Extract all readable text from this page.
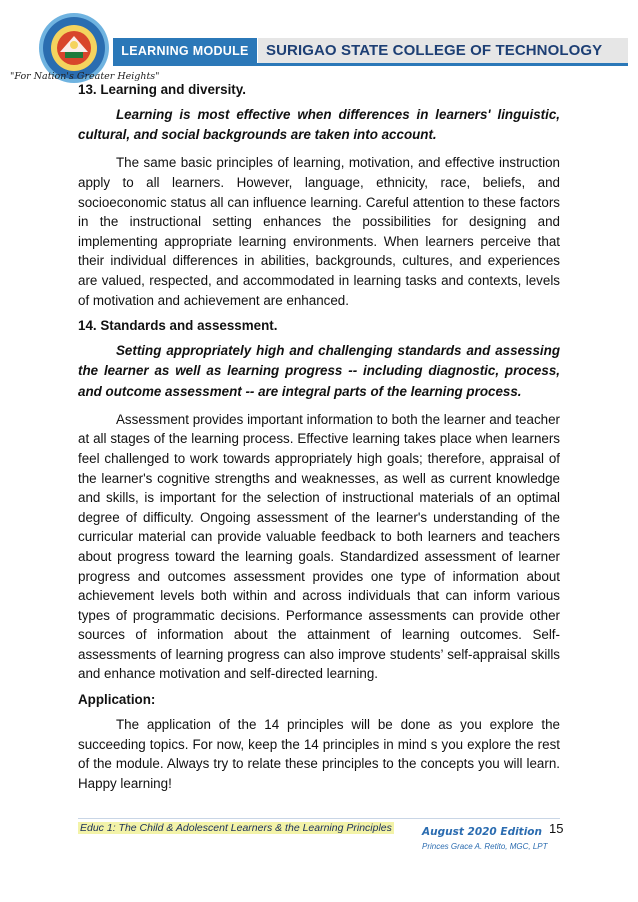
"For Nation's Greater Heights"
LEARNING MODULE	SURIGAO STATE COLLEGE OF TECHNOLOGY
13. Learning and diversity.

Learning is most effective when differences in learners' linguistic, cultural, and social backgrounds are taken into account.

The same basic principles of learning, motivation, and effective instruction apply to all learners. However, language, ethnicity, race, beliefs, and socioeconomic status all can influence learning. Careful attention to these factors in the instructional setting enhances the possibilities for designing and implementing appropriate learning environments. When learners perceive that their individual differences in abilities, backgrounds, cultures, and experiences are valued, respected, and accommodated in learning tasks and contexts, levels of motivation and achievement are enhanced.

14. Standards and assessment.

Setting appropriately high and challenging standards and assessing the learner as well as learning progress -- including diagnostic, process, and outcome assessment -- are integral parts of the learning process.

Assessment provides important information to both the learner and teacher at all stages of the learning process. Effective learning takes place when learners feel challenged to work towards appropriately high goals; therefore, appraisal of the learner's cognitive strengths and weaknesses, as well as current knowledge and skills, is important for the selection of instructional materials of an optimal degree of difficulty. Ongoing assessment of the learner's understanding of the curricular material can provide valuable feedback to both learners and teachers about progress toward the learning goals. Standardized assessment of learner progress and outcomes assessment provides one type of information about achievement levels both within and across individuals that can inform various types of programmatic decisions. Performance assessments can provide other sources of information about the attainment of learning outcomes. Self-assessments of learning progress can also improve students’ self-appraisal skills and enhance motivation and self-directed learning.

Application:

The application of the 14 principles will be done as you explore the succeeding topics. For now, keep the 14 principles in mind s you explore the rest of the module. Always try to relate these principles to the concepts you will learn. Happy learning!

Educ 1: The Child & Adolescent Learners & the Learning Principles	August 2020 Edition
Princes Grace A. Retito, MGC, LPT
15
